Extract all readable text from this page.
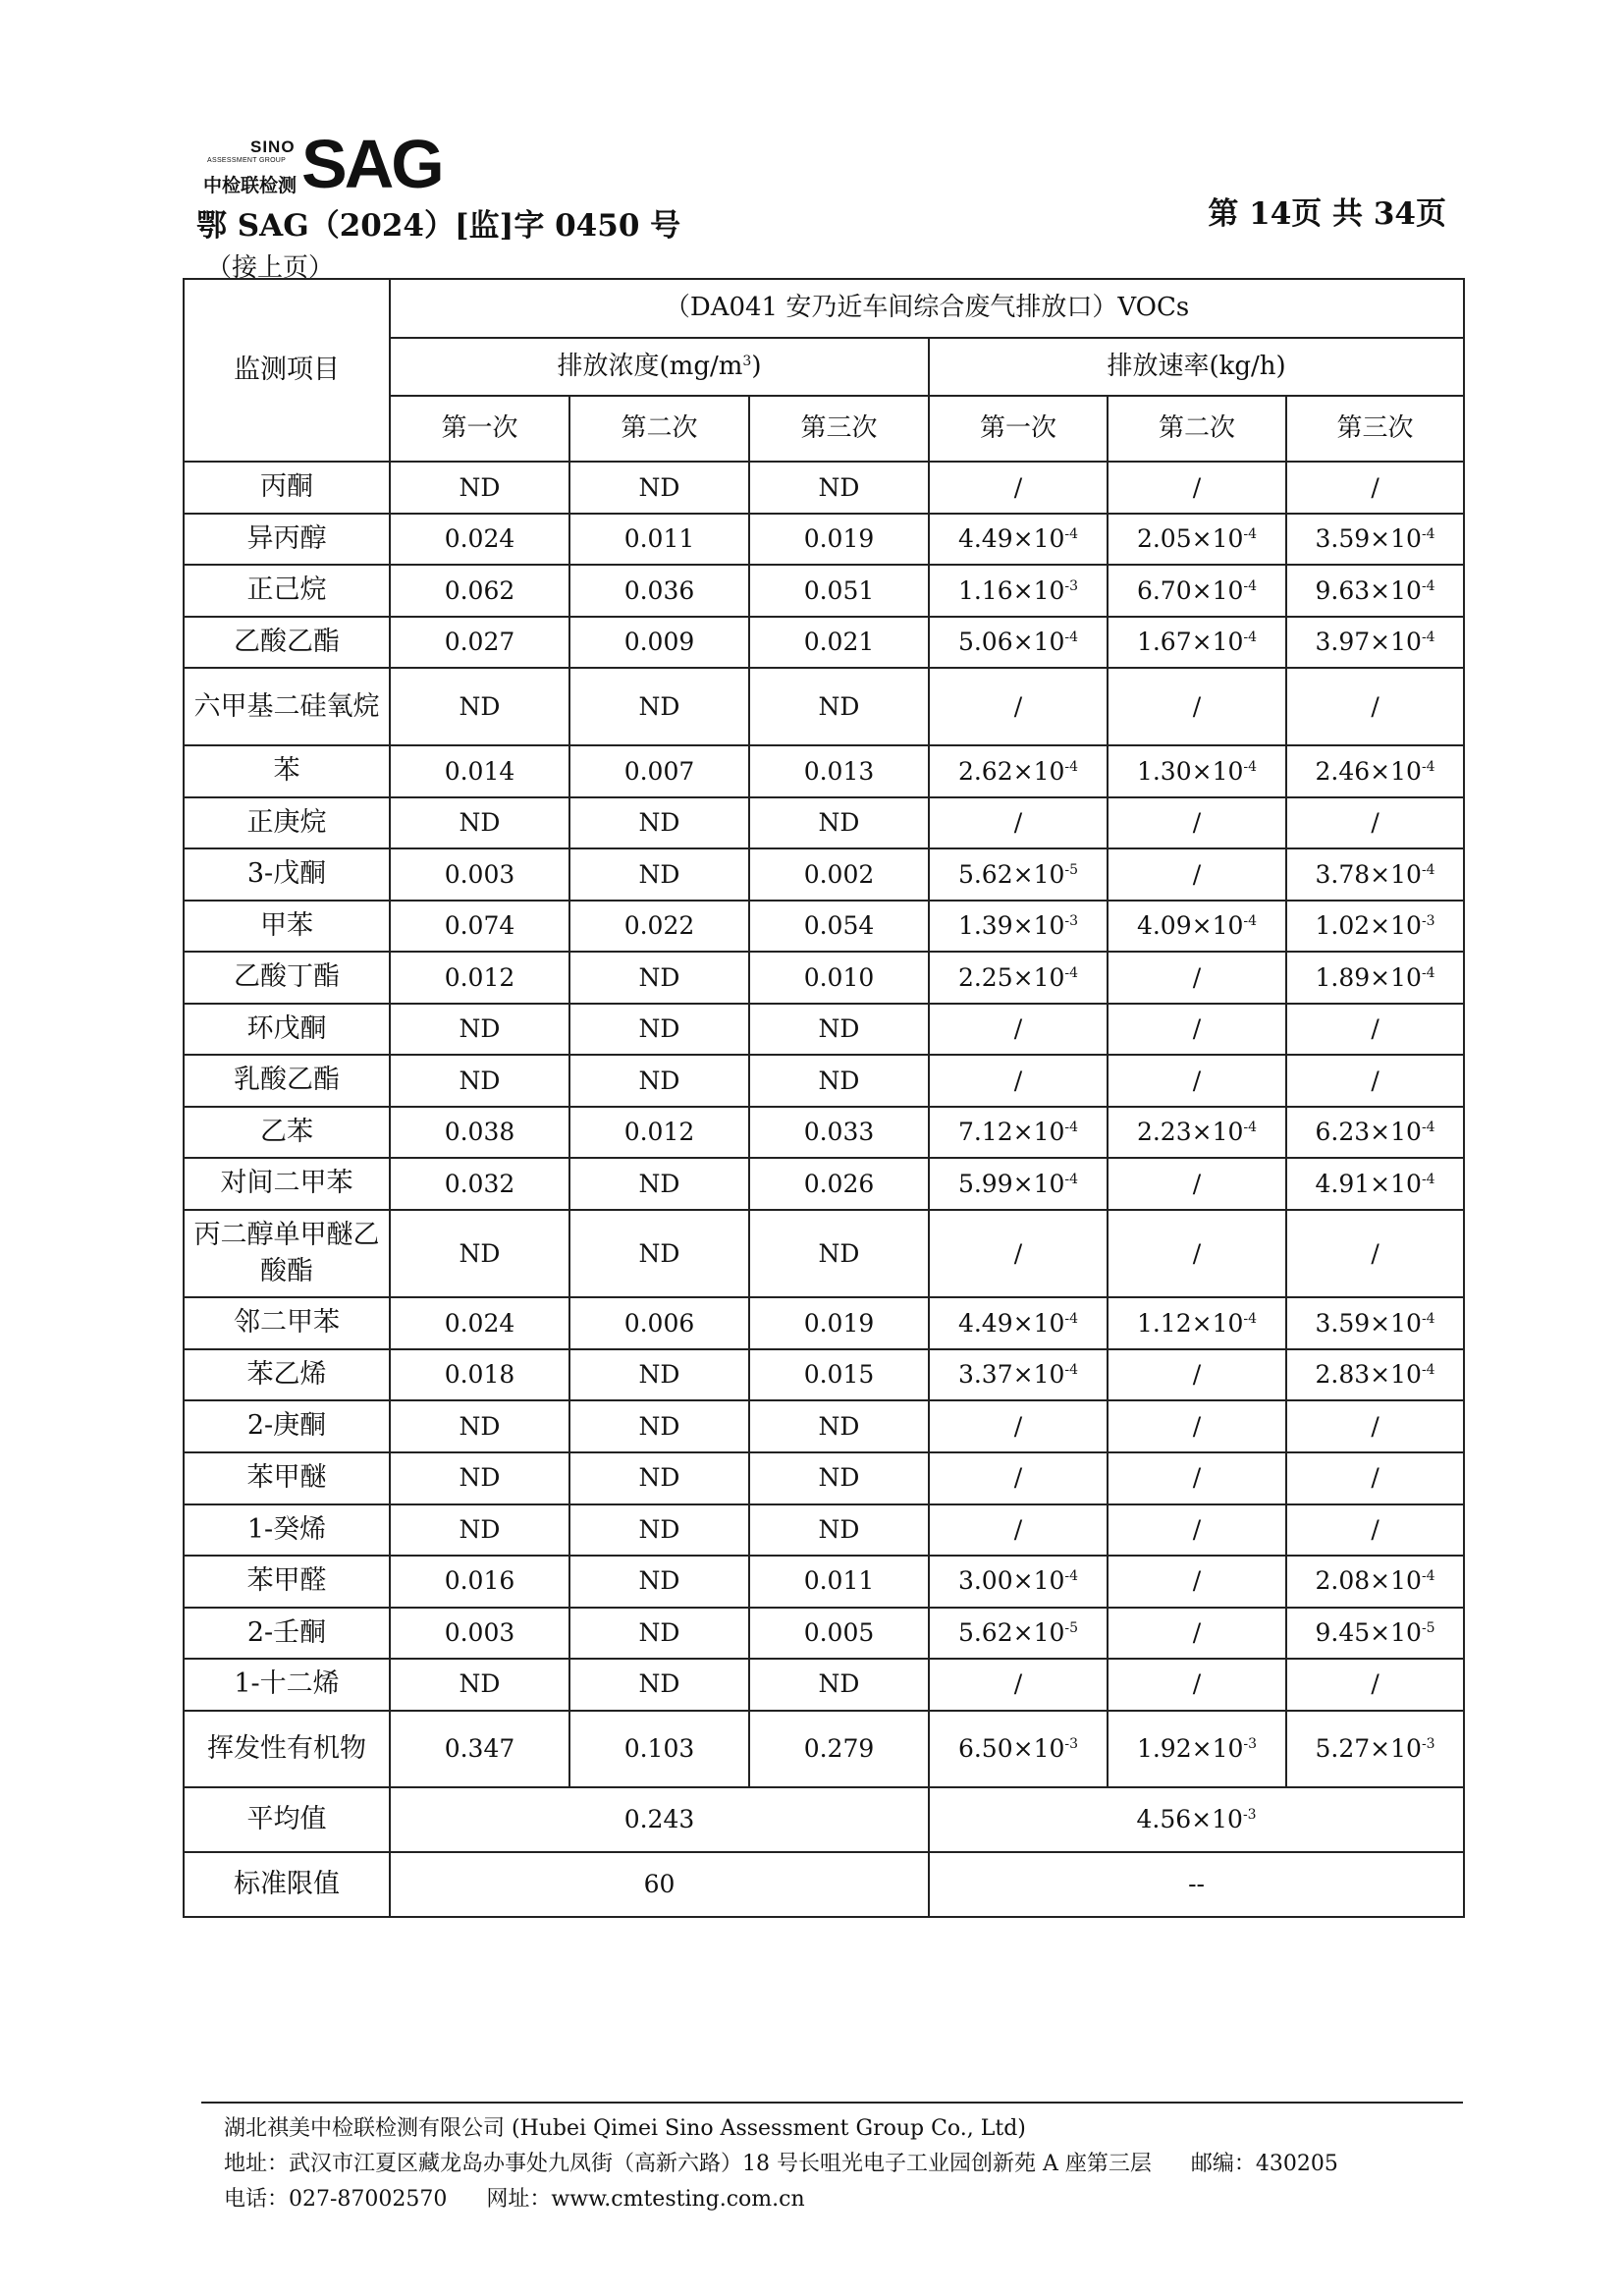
SINO
ASSESSMENT GROUP
中检联检测 SAG
鄂 SAG（2024）[监]字 0450 号	第 14页 共 34页
（接上页）
监测项目	（DA041 安乃近车间综合废气排放口）VOCs					
	排放浓度$(mg/m^3)$			排放速率(kg/h)		
	第一次	第二次	第三次	第一次	第二次	第三次
丙酮	ND	ND	ND	/	/	/
异丙醇	0.024	0.011	0.019	$4.49\times 10^{-4}$	$2.05\times 10^{-4}$	$3.59\times 10^{-4}$
正己烷	0.062	0.036	0.051	$1.16\times 10^{-3}$	$6.70\times 10^{-4}$	$9.63\times 10^{-4}$
乙酸乙酯	0.027	0.009	0.021	$5.06\times 10^{-4}$	$1.67\times 10^{-4}$	$3.97\times 10^{-4}$
六甲基二硅氧烷	ND	ND	ND	/	/	/
苯	0.014	0.007	0.013	$2.62\times 10^{-4}$	$1.30\times 10^{-4}$	$2.46\times 10^{-4}$
正庚烷	ND	ND	ND	/	/	/
3-戊酮	0.003	ND	0.002	$5.62\times 10^{-5}$	/	$3.78\times 10^{-4}$
甲苯	0.074	0.022	0.054	$1.39\times 10^{-3}$	$4.09\times 10^{-4}$	$1.02\times 10^{-3}$
乙酸丁酯	0.012	ND	0.010	$2.25\times 10^{-4}$	/	$1.89\times 10^{-4}$
环戊酮	ND	ND	ND	/	/	/
乳酸乙酯	ND	ND	ND	/	/	/
乙苯	0.038	0.012	0.033	$7.12\times 10^{-4}$	$2.23\times 10^{-4}$	$6.23\times 10^{-4}$
对间二甲苯	0.032	ND	0.026	$5.99\times 10^{-4}$	/	$4.91\times 10^{-4}$
丙二醇单甲醚乙酸酯	ND	ND	ND	/	/	/
邻二甲苯	0.024	0.006	0.019	$4.49\times 10^{-4}$	$1.12\times 10^{-4}$	$3.59\times 10^{-4}$
苯乙烯	0.018	ND	0.015	$3.37\times 10^{-4}$	/	$2.83\times 10^{-4}$
2-庚酮	ND	ND	ND	/	/	/
苯甲醚	ND	ND	ND	/	/	/
1-癸烯	ND	ND	ND	/	/	/
苯甲醛	0.016	ND	0.011	$3.00\times 10^{-4}$	/	$2.08\times 10^{-4}$
2-壬酮	0.003	ND	0.005	$5.62\times 10^{-5}$	/	$9.45\times 10^{-5}$
1-十二烯	ND	ND	ND	/	/	/
挥发性有机物	0.347	0.103	0.279	$6.50\times 10^{-3}$	$1.92\times 10^{-3}$	$5.27\times 10^{-3}$
平均值	0.243			$4.56\times 10^{-3}$
标准限值	60			--		
湖北祺美中检联检测有限公司 (Hubei Qimei Sino Assessment Group Co., Ltd)
地址：武汉市江夏区藏龙岛办事处九凤街（高新六路）18 号长咀光电子工业园创新苑 A 座第三层 邮编：430205
电话：027-87002570 网址：www.cmtesting.com.cn
